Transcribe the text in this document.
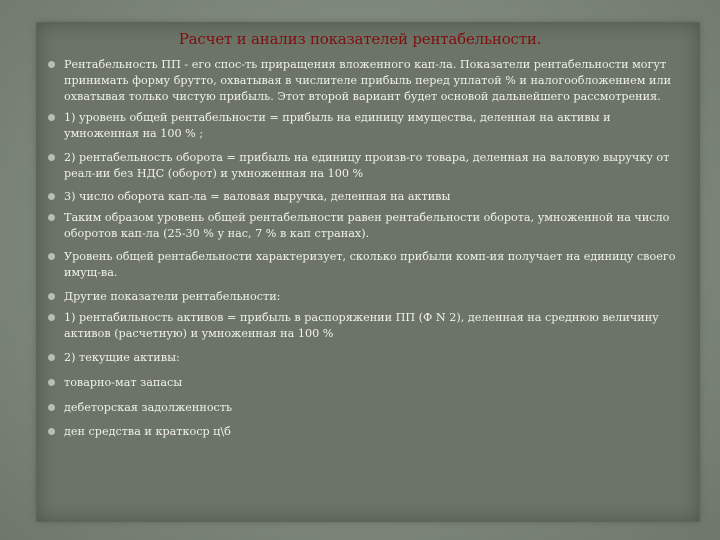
Расчет и анализ показателей рентабельности.
Рентабельность ПП - его спос-ть приращения вложенного кап-ла. Показатели рентабельности могут принимать форму брутто, охватывая в числителе прибыль перед уплатой % и налогообложением или охватывая только чистую прибыль. Этот второй вариант будет основой дальнейшего рассмотрения.
1) уровень общей рентабельности = прибыль на единицу имущества, деленная на активы и умноженная на 100 % ;
2) рентабельность оборота = прибыль на единицу произв-го товара, деленная на валовую выручку от реал-ии без НДС (оборот) и умноженная на 100 %
3) число оборота кап-ла = валовая выручка, деленная на активы
Таким образом уровень общей рентабельности равен рентабельности оборота, умноженной на число оборотов кап-ла (25-30 % у нас, 7 % в кап странах).
Уровень общей рентабельности характеризует, сколько прибыли комп-ия получает на единицу своего имущ-ва.
Другие показатели рентабельности:
1) рентабильность активов = прибыль в распоряжении ПП (Ф N 2), деленная на среднюю величину активов (расчетную) и умноженная на 100 %
2) текущие активы:
товарно-мат запасы
дебеторская задолженность
ден средства и краткоср ц\б
